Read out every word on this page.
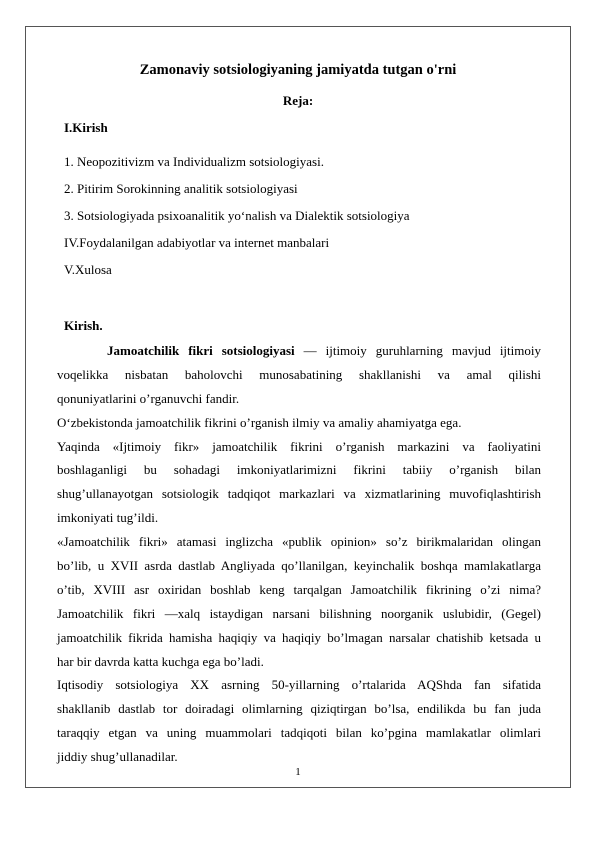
Zamonaviy sotsiologiyaning jamiyatda tutgan o'rni
Reja:
I.Kirish
1. Neopozitivizm va Individualizm sotsiologiyasi.
2. Pitirim Sorokinning analitik sotsiologiyasi
3. Sotsiologiyada psixoanalitik yo‘nalish va Dialektik sotsiologiya
IV.Foydalanilgan adabiyotlar va internet manbalari
V.Xulosa
Kirish.
Jamoatchilik fikri sotsiologiyasi — ijtimoiy guruhlarning mavjud ijtimoiy
voqelikka nisbatan baholovchi munosabatining shakllanishi va amal qilishi
qonuniyatlarini o’rganuvchi fandir.
O‘zbekistonda jamoatchilik fikrini o’rganish ilmiy va amaliy ahamiyatga ega.
Yaqinda «Ijtimoiy fikr» jamoatchilik fikrini o’rganish markazini va faoliyatini
boshlaganligi bu sohadagi imkoniyatlarimizni fikrini tabiiy o’rganish bilan
shug’ullanayotgan sotsiologik tadqiqot markazlari va xizmatlarining muvofiqlashtirish
imkoniyati tug’ildi.
«Jamoatchilik fikri» atamasi inglizcha «publik opinion» so’z birikmalaridan olingan
bo’lib, u XVII asrda dastlab Angliyada qo’llanilgan, keyinchalik boshqa mamlakatlarga
o’tib, XVIII asr oxiridan boshlab keng tarqalgan Jamoatchilik fikrining o’zi nima?
Jamoatchilik fikri —xalq istaydigan narsani bilishning noorganik uslubidir, (Gegel)
jamoatchilik fikrida hamisha haqiqiy va haqiqiy bo’lmagan narsalar chatishib ketsada u
har bir davrda katta kuchga ega bo’ladi.
Iqtisodiy sotsiologiya XX asrning 50-yillarning o’rtalarida AQShda fan sifatida
shakllanib dastlab tor doiradagi olimlarning qiziqtirgan bo’lsa, endilikda bu fan juda
taraqqiy etgan va uning muammolari tadqiqoti bilan ko’pgina mamlakatlar olimlari
jiddiy shug’ullanadilar.
1
